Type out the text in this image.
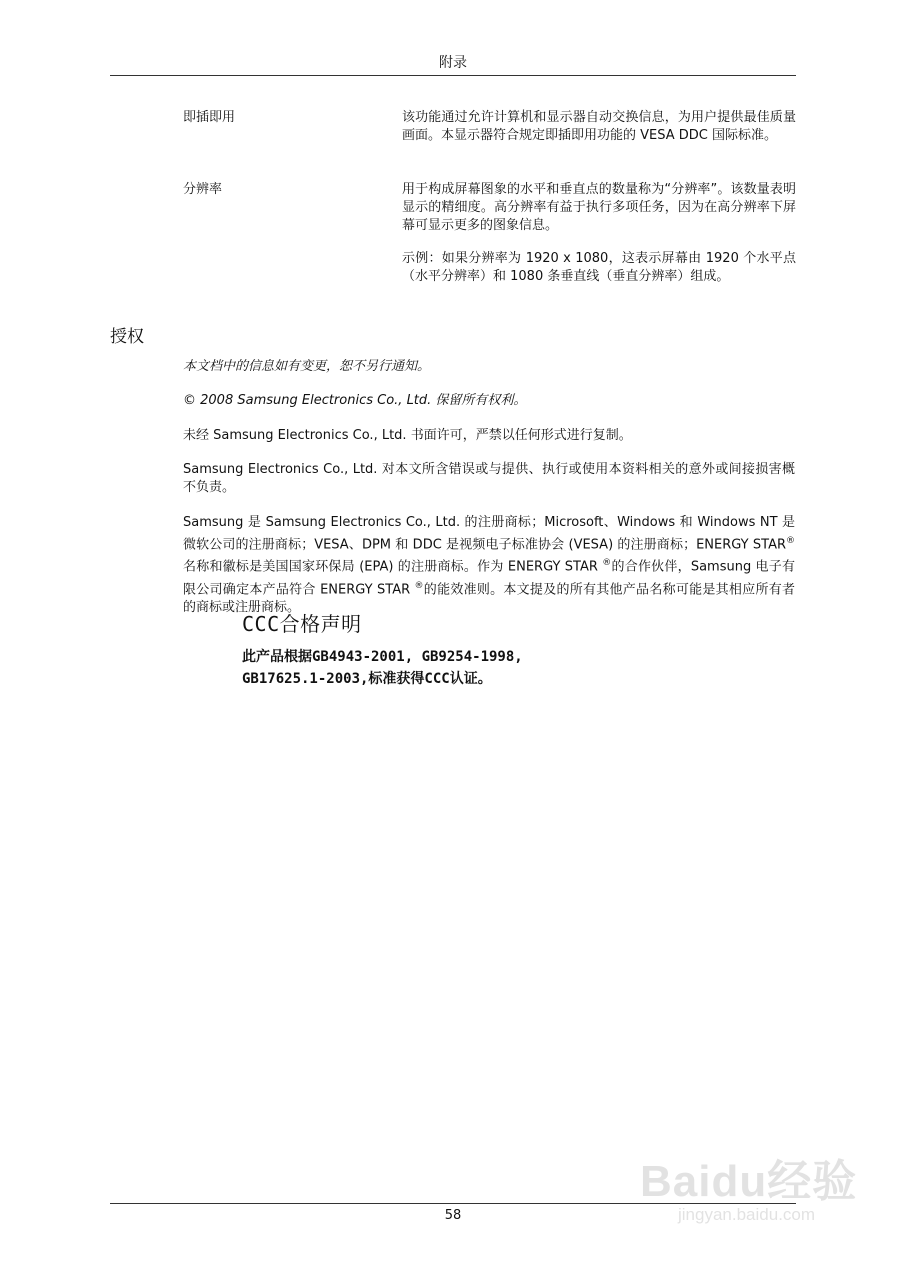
附录
即插即用	该功能通过允许计算机和显示器自动交换信息，为用户提供最佳质量画面。本显示器符合规定即插即用功能的 VESA DDC 国际标准。
分辨率	用于构成屏幕图象的水平和垂直点的数量称为“分辨率”。该数量表明显示的精细度。高分辨率有益于执行多项任务，因为在高分辨率下屏幕可显示更多的图象信息。
示例：如果分辨率为 1920 x 1080，这表示屏幕由 1920 个水平点（水平分辨率）和 1080 条垂直线（垂直分辨率）组成。
授权
本文档中的信息如有变更，恕不另行通知。
© 2008 Samsung Electronics Co., Ltd. 保留所有权利。
未经 Samsung Electronics Co., Ltd. 书面许可，严禁以任何形式进行复制。
Samsung Electronics Co., Ltd. 对本文所含错误或与提供、执行或使用本资料相关的意外或间接损害概不负责。
Samsung 是 Samsung Electronics Co., Ltd. 的注册商标；Microsoft、Windows 和 Windows NT 是微软公司的注册商标；VESA、DPM 和 DDC 是视频电子标准协会 (VESA) 的注册商标；ENERGY STAR® 名称和徽标是美国国家环保局 (EPA) 的注册商标。作为 ENERGY STAR ®的合作伙伴，Samsung 电子有限公司确定本产品符合 ENERGY STAR ®的能效准则。本文提及的所有其他产品名称可能是其相应所有者的商标或注册商标。
CCC合格声明
此产品根据GB4943-2001, GB9254-1998,
GB17625.1-2003,标准获得CCC认证。
58
Baidu经验
jingyan.baidu.com
